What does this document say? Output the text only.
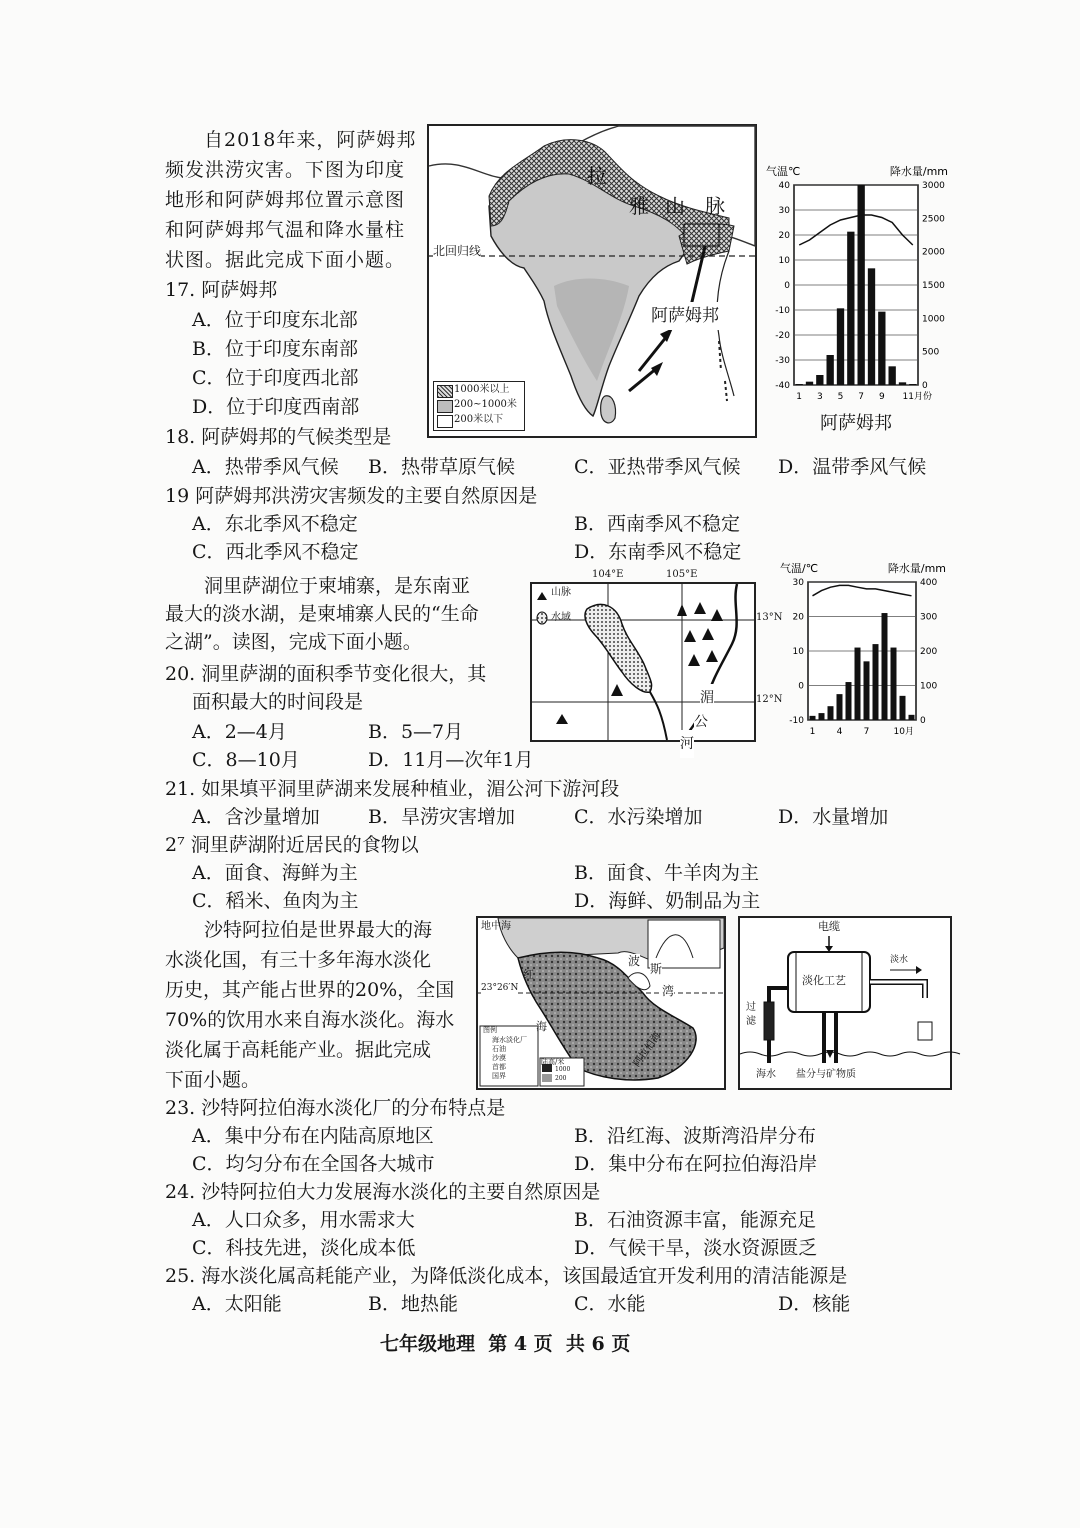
自2018年来，阿萨姆邦
频发洪涝灾害。下图为印度
地形和阿萨姆邦位置示意图
和阿萨姆邦气温和降水量柱
状图。据此完成下面小题。 北回归线
拉
雅 山 脉
阿萨姆邦
1000米以上
200~1000米
200米以下
40
30
20
10
0
-10
-20
-30
-40
3000
2500
2000
1500
1000
500
0
气温℃	降水量/mm
1 3 5 7 9 11月份
阿萨姆邦
17. 阿萨姆邦
A．位于印度东北部
B．位于印度东南部
C．位于印度西北部
D．位于印度西南部
18. 阿萨姆邦的气候类型是
A．热带季风气候 B．热带草原气候	C．亚热带季风气候 D．温带季风气候
19 阿萨姆邦洪涝灾害频发的主要自然原因是
A．东北季风不稳定	B．西南季风不稳定
C．西北季风不稳定	D．东南季风不稳定
洞里萨湖位于柬埔寨，是东南亚
最大的淡水湖，是柬埔寨人民的“生命
之湖”。读图，完成下面小题。
山脉
水域
湄
公
河
104°E	105°E
13°N
12°N
30
20
10
0
-10
400
300
200
100
0
气温/℃	降水量/mm
1 4 7	10月
20. 洞里萨湖的面积季节变化很大，其
面积最大的时间段是
A．2—4月	B．5—7月
C．8—10月	D．11月—次年1月
21. 如果填平洞里萨湖来发展种植业，湄公河下游河段
A．含沙量增加	B．旱涝灾害增加	C．水污染增加	D．水量增加
2⁷ 洞里萨湖附近居民的食物以
A．面食、海鲜为主	B．面食、牛羊肉为主
C．稻米、鱼肉为主	D．海鲜、奶制品为主
沙特阿拉伯是世界最大的海
水淡化国，有三十多年海水淡化
历史，其产能占世界的20%，全国
70%的饮用水来自海水淡化。海水
淡化属于高耗能产业。据此完成
下面小题。
地中海
23°26′N
红
海
波
斯
湾
阿拉伯海
图例
海水淡化厂
石油
沙漠
首都
国界
陆高/米
1000
200
电缆
淡水
淡化工艺
过
滤
海水 盐分与矿物质
23. 沙特阿拉伯海水淡化厂的分布特点是
A．集中分布在内陆高原地区	B．沿红海、波斯湾沿岸分布
C．均匀分布在全国各大城市	D．集中分布在阿拉伯海沿岸
24. 沙特阿拉伯大力发展海水淡化的主要自然原因是
A．人口众多，用水需求大	B．石油资源丰富，能源充足
C．科技先进，淡化成本低	D．气候干旱，淡水资源匮乏
25. 海水淡化属高耗能产业，为降低淡化成本，该国最适宜开发利用的清洁能源是
A．太阳能	B．地热能	C．水能	D．核能
七年级地理  第 4 页  共 6 页
